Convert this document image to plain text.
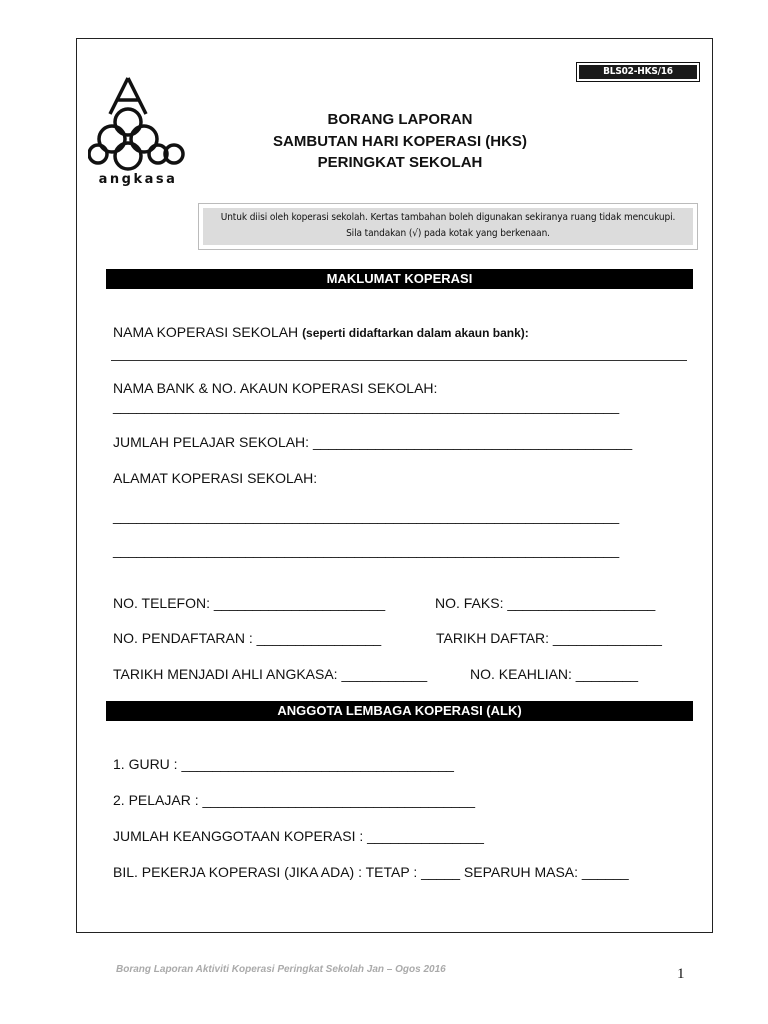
BLS02-HKS/16
angkasa
BORANG LAPORAN
SAMBUTAN HARI KOPERASI (HKS)
PERINGKAT SEKOLAH
Untuk diisi oleh koperasi sekolah. Kertas tambahan boleh digunakan sekiranya ruang tidak mencukupi.
Sila tandakan (√) pada kotak yang berkenaan.
MAKLUMAT KOPERASI
NAMA KOPERASI SEKOLAH (seperti didaftarkan dalam akaun bank):
NAMA BANK & NO. AKAUN KOPERASI SEKOLAH:
_________________________________________________________________
JUMLAH PELAJAR SEKOLAH: _________________________________________
ALAMAT KOPERASI SEKOLAH:
_________________________________________________________________
_________________________________________________________________
NO. TELEFON: ______________________	NO. FAKS: ___________________
NO. PENDAFTARAN : ________________	TARIKH DAFTAR: ______________
TARIKH MENJADI AHLI ANGKASA: ___________	NO. KEAHLIAN: ________
ANGGOTA LEMBAGA KOPERASI (ALK)
1. GURU : ___________________________________
2. PELAJAR : ___________________________________
JUMLAH KEANGGOTAAN KOPERASI : _______________
BIL. PEKERJA KOPERASI (JIKA ADA) : TETAP : _____ SEPARUH MASA: ______
Borang Laporan Aktiviti Koperasi Peringkat Sekolah Jan – Ogos 2016	1
